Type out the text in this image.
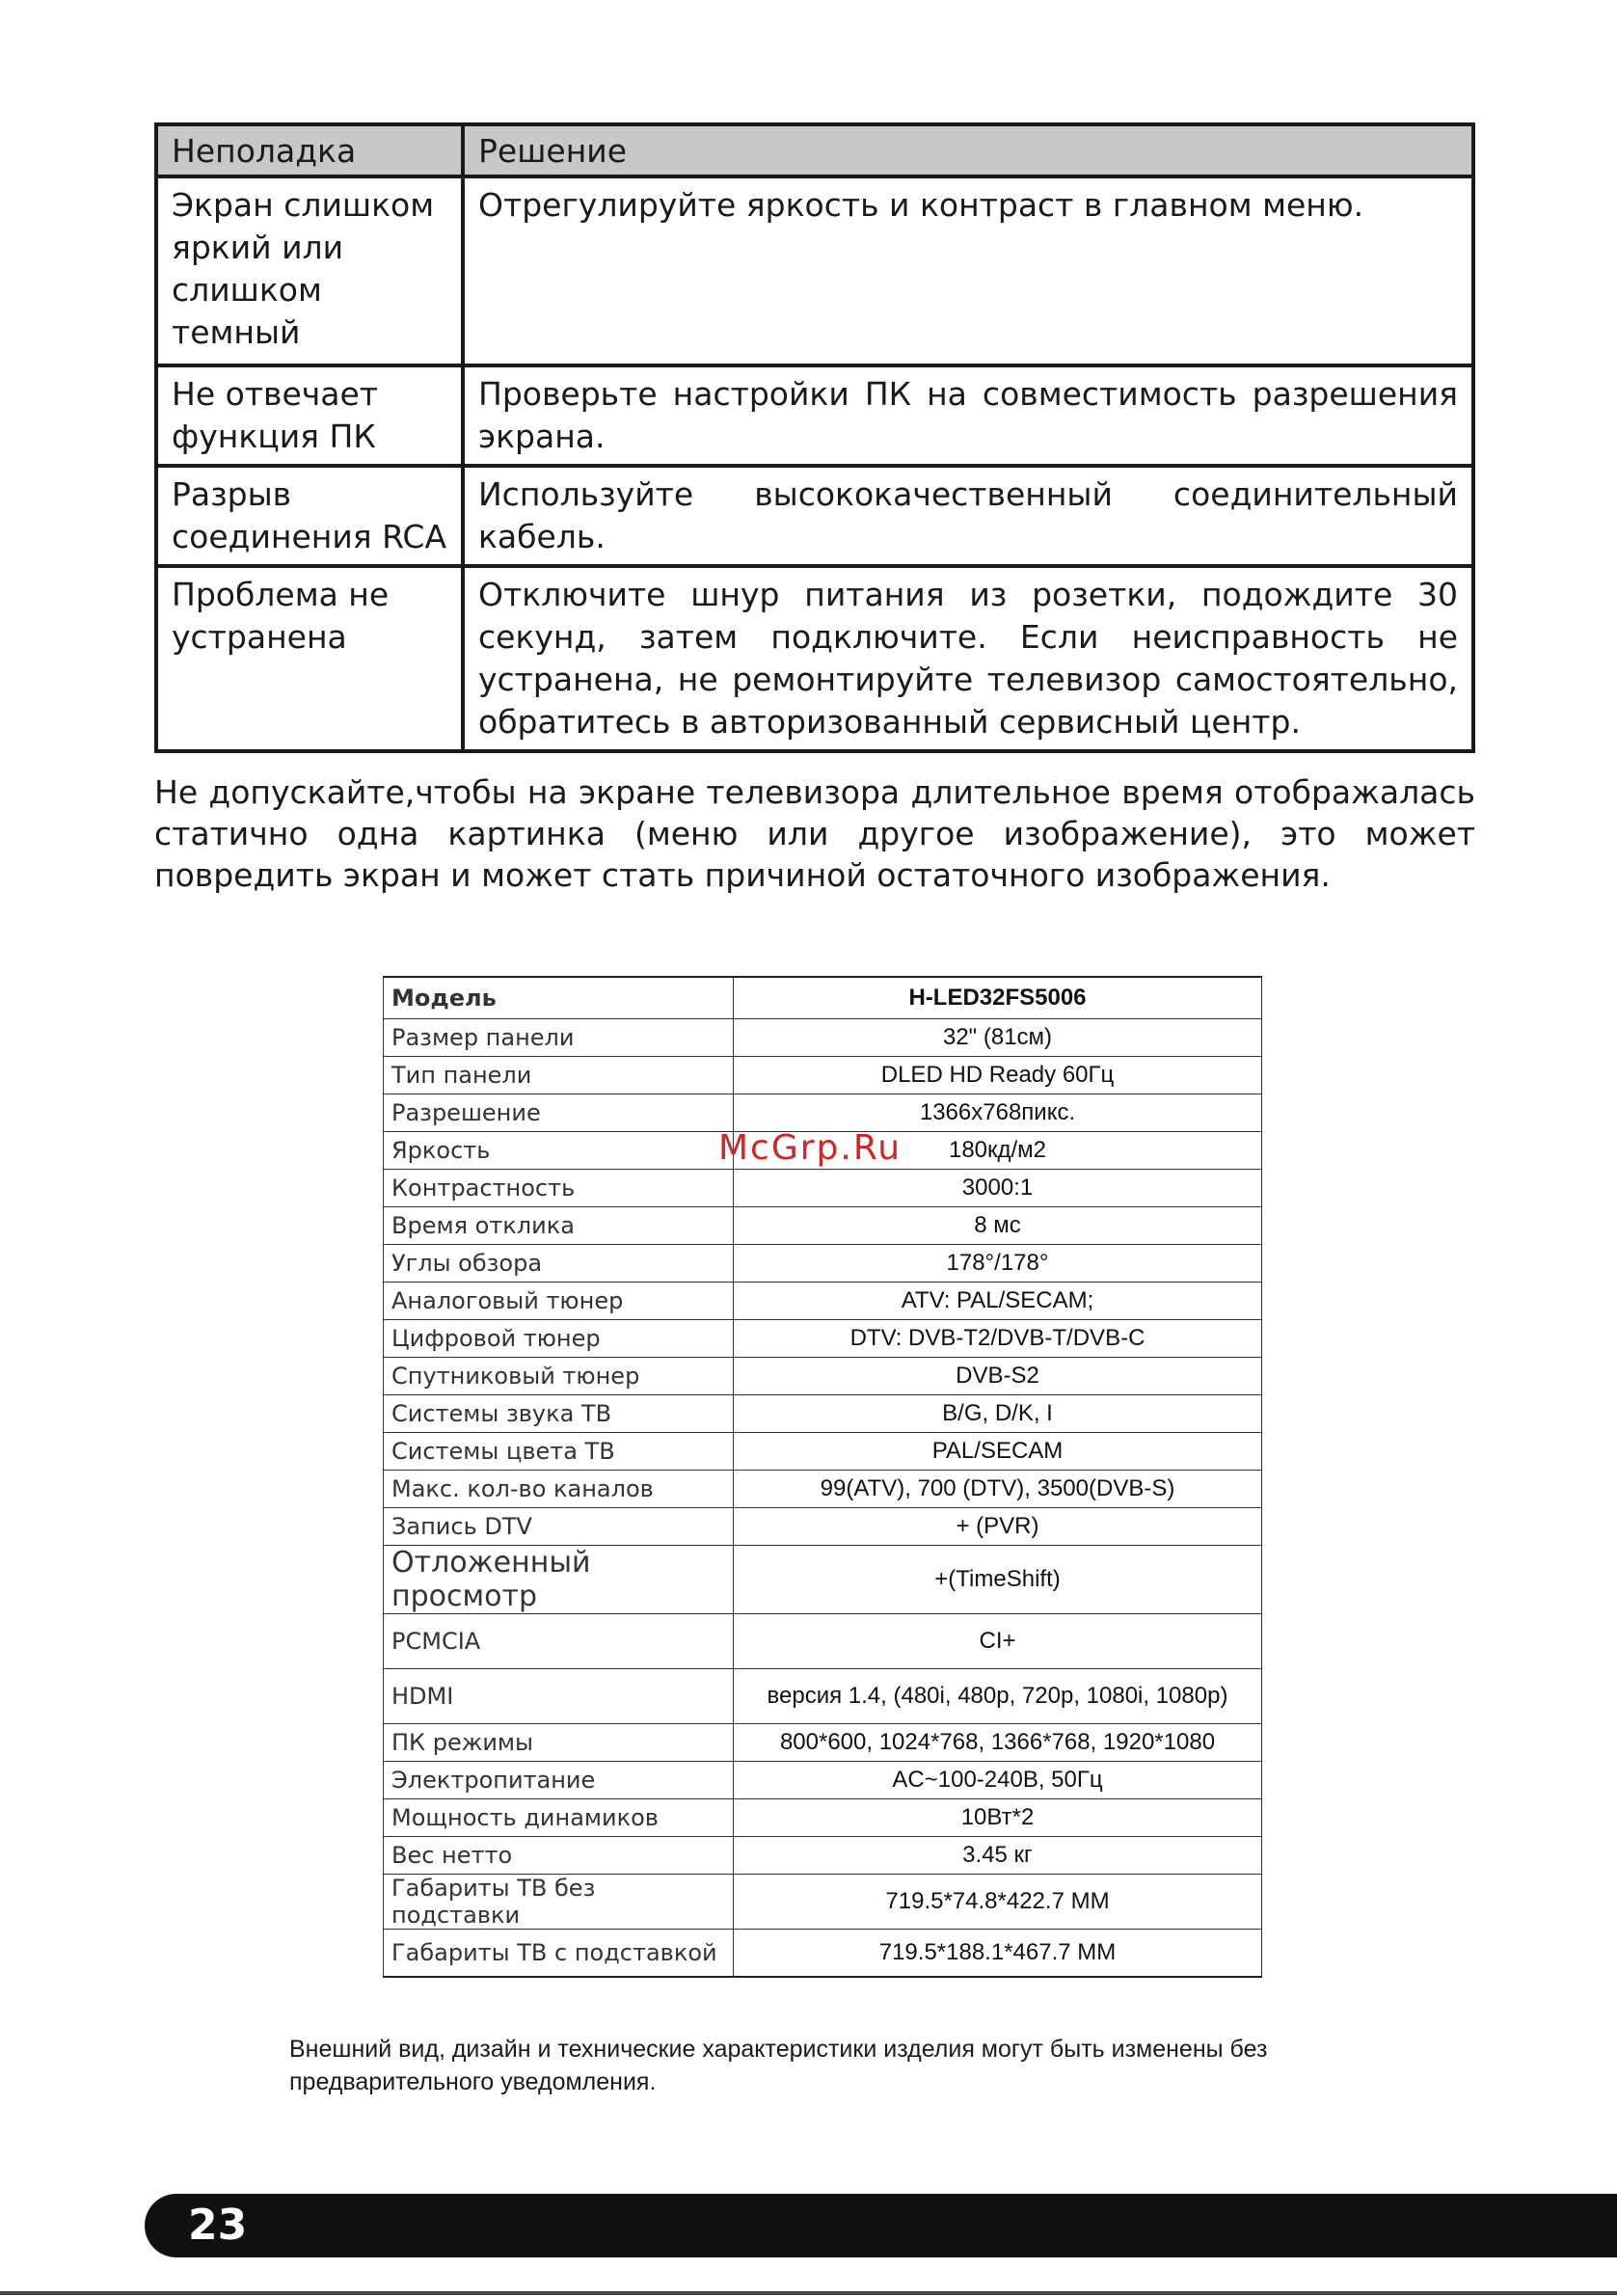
Неполадка	Решение
Экран слишком яркий или слишком темный	Отрегулируйте яркость и контраст в главном меню.
Не отвечает функция ПК	Проверьте настройки ПК на совместимость разрешения экрана.
Разрыв соединения RCA	Используйте высококачественный соединительный кабель.
Проблема не устранена	Отключите шнур питания из розетки, подождите 30 секунд, затем подключите. Если неисправность не устранена, не ремонтируйте телевизор самостоятельно, обратитесь в авторизованный сервисный центр.

Не допускайте,чтобы на экране телевизора длительное время отображалась статично одна картинка (меню или другое изображение), это может повредить экран и может стать причиной остаточного изображения.

Модель	H-LED32FS5006
Размер панели	32" (81см)
Тип панели	DLED HD Ready 60Гц
Разрешение	1366x768пикс.
Яркость	180кд/м2
Контрастность	3000:1
Время отклика	8 мс
Углы обзора	178°/178°
Аналоговый тюнер	ATV: PAL/SECAM;
Цифровой тюнер	DTV: DVB-T2/DVB-T/DVB-C
Спутниковый тюнер	DVB-S2
Системы звука ТВ	B/G, D/K, I
Системы цвета ТВ	PAL/SECAM
Макс. кол-во каналов	99(ATV), 700 (DTV), 3500(DVB-S)
Запись DTV	+ (PVR)
Отложенный просмотр	+(TimeShift)
PCMCIA	CI+
HDMI	версия 1.4, (480i, 480p, 720p, 1080i, 1080p)
ПК режимы	800*600, 1024*768, 1366*768, 1920*1080
Электропитание	AC~100-240В, 50Гц
Мощность динамиков	10Вт*2
Вес нетто	3.45 кг
Габариты ТВ без подставки	719.5*74.8*422.7 ММ
Габариты ТВ с подставкой	719.5*188.1*467.7 ММ
McGrp.Ru

Внешний вид, дизайн и технические характеристики изделия могут быть изменены без предварительного уведомления.

23
